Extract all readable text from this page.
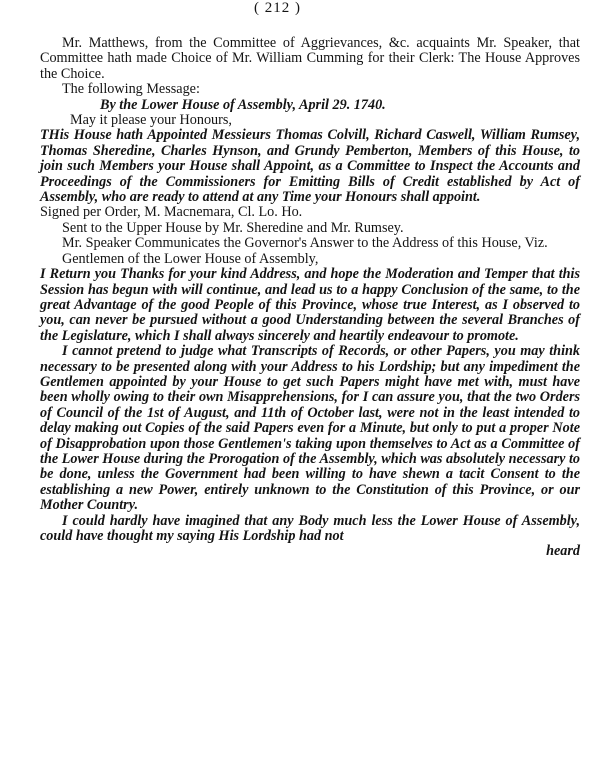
( 212 )

Mr. Matthews, from the Committee of Aggrievances, &c. acquaints Mr. Speaker, that Committee hath made Choice of Mr. William Cumming for their Clerk: The House Approves the Choice.

The following Message:

By the Lower House of Assembly, April 29. 1740.

May it please your Honours,

THis House hath Appointed Messieurs Thomas Colvill, Richard Caswell, William Rumsey, Thomas Sheredine, Charles Hynson, and Grundy Pemberton, Members of this House, to join such Members your House shall Appoint, as a Committee to Inspect the Accounts and Proceedings of the Commissioners for Emitting Bills of Credit established by Act of Assembly, who are ready to attend at any Time your Honours shall appoint.

Signed per Order, M. Macnemara, Cl. Lo. Ho.

Sent to the Upper House by Mr. Sheredine and Mr. Rumsey.

Mr. Speaker Communicates the Governor's Answer to the Address of this House, Viz.

Gentlemen of the Lower House of Assembly,

I Return you Thanks for your kind Address, and hope the Moderation and Temper that this Session has begun with will continue, and lead us to a happy Conclusion of the same, to the great Advantage of the good People of this Province, whose true Interest, as I observed to you, can never be pursued without a good Understanding between the several Branches of the Legislature, which I shall always sincerely and heartily endeavour to promote.

I cannot pretend to judge what Transcripts of Records, or other Papers, you may think necessary to be presented along with your Address to his Lordship; but any impediment the Gentlemen appointed by your House to get such Papers might have met with, must have been wholly owing to their own Misapprehensions, for I can assure you, that the two Orders of Council of the 1st of August, and 11th of October last, were not in the least intended to delay making out Copies of the said Papers even for a Minute, but only to put a proper Note of Disapprobation upon those Gentlemen's taking upon themselves to Act as a Committee of the Lower House during the Prorogation of the Assembly, which was absolutely necessary to be done, unless the Government had been willing to have shewn a tacit Consent to the establishing a new Power, entirely unknown to the Constitution of this Province, or our Mother Country.

I could hardly have imagined that any Body much less the Lower House of Assembly, could have thought my saying His Lordship had not

heard
